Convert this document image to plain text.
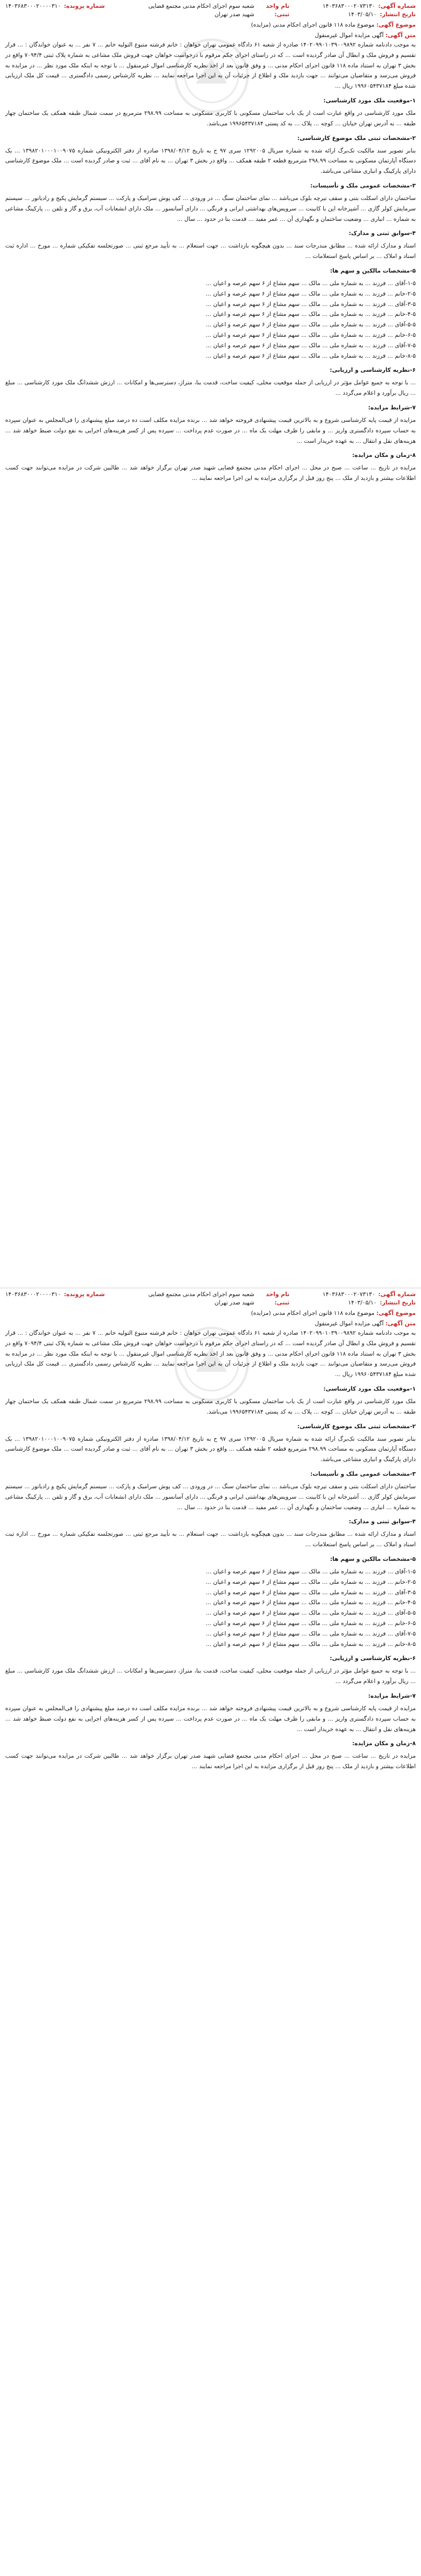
شماره آگهی:
۱۴۰۳۶۸۳۰۰۰۲۰۷۳۱۳۰
تاریخ انتشار:
۱۴۰۳/۰۵/۱۰
نام واحد ثبتی:
شعبه سوم اجرای احکام مدنی مجتمع قضایی شهید صدر تهران
شماره پرونده:
۱۴۰۳۶۸۳۰۰۰۲۰۰۰۰۳۱۰
موضوع آگهی: موضوع ماده ۱۱۸ قانون اجرای احکام مدنی (مزایده)
متن آگهی: آگهی مزایده اموال غیرمنقول

به موجب دادنامه شماره ۱۴۰۲۰۹۹۰۱۰۳۹۰۰۹۸۹۲ صادره از شعبه ۶۱ دادگاه عمومی تهران خواهان : خانم فرشته متبوع التولیه خانم ... ۷ نفر ... به عنوان خواندگان : ... قرار تقسیم و فروش ملک و ابطال آن صادر گردیده است ... که در راستای اجرای حکم مرقوم با درخواست خواهان جهت فروش ملک مشاعی به شماره پلاک ثبتی ۷۰۹۴/۴ واقع در بخش ۳ تهران به استناد ماده ۱۱۸ قانون اجرای احکام مدنی ... و وفق قانون بعد از اخذ نظریه کارشناسی اموال غیرمنقول ... با توجه به اینکه ملک مورد نظر ... در مزایده به فروش می‌رسد و متقاضیان می‌توانند ... جهت بازدید ملک و اطلاع از جزئیات آن به این اجرا مراجعه نمایند ... نظریه کارشناس رسمی دادگستری ... قیمت کل ملک ارزیابی شده مبلغ ۱۹۹۶۰۵۴۳۷۱۸۴ ریال ...

۱-موقعیت ملک مورد کارشناسی:

ملک مورد کارشناسی در واقع عبارت است از یک باب ساختمان مسکونی با کاربری مسکونی به مساحت ۲۹۸.۹۹ مترمربع در سمت شمال طبقه همکف یک ساختمان چهار طبقه ... به آدرس تهران خیابان ... کوچه ... پلاک ... به کد پستی ۱۹۹۶۵۴۳۷۱۸۴ می‌باشد.

۲-مشخصات ثبتی ملک موضوع کارشناسی:

بنابر تصویر سند مالکیت تک‌برگ ارائه شده به شماره سریال ۱۲۹۲۰۰۵ سری ۹۷ ح به تاریخ ۱۳۹۸/۰۴/۱۲ صادره از دفتر الکترونیکی شماره ۱۳۹۸۲۰۱۰۰۰۱۰۰۹۰۷۵ ... یک دستگاه آپارتمان مسکونی به مساحت ۲۹۸.۹۹ مترمربع قطعه ۲ طبقه همکف ... واقع در بخش ۳ تهران ... به نام آقای ... ثبت و صادر گردیده است ... ملک موضوع کارشناسی دارای پارکینگ و انباری مشاعی می‌باشد.

۳-مشخصات عمومی ملک و تأسیسات:

ساختمان دارای اسکلت بتنی و سقف تیرچه بلوک می‌باشد ... نمای ساختمان سنگ ... در ورودی ... کف پوش سرامیک و پارکت ... سیستم گرمایش پکیج و رادیاتور ... سیستم سرمایش کولر گازی ... آشپزخانه اپن با کابینت ... سرویس‌های بهداشتی ایرانی و فرنگی ... دارای آسانسور ... ملک دارای انشعابات آب، برق و گاز و تلفن ... پارکینگ مشاعی به شماره ... انباری ... وضعیت ساختمان و نگهداری آن ... عمر مفید ... قدمت بنا در حدود ... سال ...

۴-سوابق ثبتی و مدارک:

اسناد و مدارک ارائه شده ... مطابق مندرجات سند ... بدون هیچگونه بازداشت ... جهت استعلام ... به تأیید مرجع ثبتی ... صورتجلسه تفکیکی شماره ... مورخ ... اداره ثبت اسناد و املاک ... بر اساس پاسخ استعلامات ...

۵-مشخصات مالکین و سهم ها:

۱-۵-آقای ... فرزند ... به شماره ملی ... مالک ... سهم مشاع از ۶ سهم عرصه و اعیان ...

۲-۵-خانم ... فرزند ... به شماره ملی ... مالک ... سهم مشاع از ۶ سهم عرصه و اعیان ...

۳-۵-آقای ... فرزند ... به شماره ملی ... مالک ... سهم مشاع از ۶ سهم عرصه و اعیان ...

۴-۵-خانم ... فرزند ... به شماره ملی ... مالک ... سهم مشاع از ۶ سهم عرصه و اعیان ...

۵-۵-آقای ... فرزند ... به شماره ملی ... مالک ... سهم مشاع از ۶ سهم عرصه و اعیان ...

۶-۵-خانم ... فرزند ... به شماره ملی ... مالک ... سهم مشاع از ۶ سهم عرصه و اعیان ...

۷-۵-آقای ... فرزند ... به شماره ملی ... مالک ... سهم مشاع از ۶ سهم عرصه و اعیان ...

۸-۵-خانم ... فرزند ... به شماره ملی ... مالک ... سهم مشاع از ۶ سهم عرصه و اعیان ...

۶-نظریه کارشناسی و ارزیابی:

... با توجه به جمیع عوامل مؤثر در ارزیابی از جمله موقعیت محلی، کیفیت ساخت، قدمت بنا، متراژ، دسترسی‌ها و امکانات ... ارزش ششدانگ ملک مورد کارشناسی ... مبلغ ... ریال برآورد و اعلام می‌گردد ...

۷-شرایط مزایده:

مزایده از قیمت پایه کارشناسی شروع و به بالاترین قیمت پیشنهادی فروخته خواهد شد ... برنده مزایده مکلف است ده درصد مبلغ پیشنهادی را فی‌المجلس به عنوان سپرده به حساب سپرده دادگستری واریز ... و مابقی را ظرف مهلت یک ماه ... در صورت عدم پرداخت ... سپرده پس از کسر هزینه‌های اجرایی به نفع دولت ضبط خواهد شد ... هزینه‌های نقل و انتقال ... به عهده خریدار است ...

۸-زمان و مکان مزایده:

مزایده در تاریخ ... ساعت ... صبح در محل ... اجرای احکام مدنی مجتمع قضایی شهید صدر تهران برگزار خواهد شد ... طالبین شرکت در مزایده می‌توانند جهت کسب اطلاعات بیشتر و بازدید از ملک ... پنج روز قبل از برگزاری مزایده به این اجرا مراجعه نمایند ...

شماره آگهی:
۱۴۰۳۶۸۳۰۰۰۲۰۷۳۱۳۰
تاریخ انتشار:
۱۴۰۳/۰۵/۱۰
نام واحد ثبتی:
شعبه سوم اجرای احکام مدنی مجتمع قضایی شهید صدر تهران
شماره پرونده:
۱۴۰۳۶۸۳۰۰۰۲۰۰۰۰۳۱۰
موضوع آگهی: موضوع ماده ۱۱۸ قانون اجرای احکام مدنی (مزایده)
متن آگهی: آگهی مزایده اموال غیرمنقول

به موجب دادنامه شماره ۱۴۰۲۰۹۹۰۱۰۳۹۰۰۹۸۹۲ صادره از شعبه ۶۱ دادگاه عمومی تهران خواهان : خانم فرشته متبوع التولیه خانم ... ۷ نفر ... به عنوان خواندگان : ... قرار تقسیم و فروش ملک و ابطال آن صادر گردیده است ... که در راستای اجرای حکم مرقوم با درخواست خواهان جهت فروش ملک مشاعی به شماره پلاک ثبتی ۷۰۹۴/۴ واقع در بخش ۳ تهران به استناد ماده ۱۱۸ قانون اجرای احکام مدنی ... و وفق قانون بعد از اخذ نظریه کارشناسی اموال غیرمنقول ... با توجه به اینکه ملک مورد نظر ... در مزایده به فروش می‌رسد و متقاضیان می‌توانند ... جهت بازدید ملک و اطلاع از جزئیات آن به این اجرا مراجعه نمایند ... نظریه کارشناس رسمی دادگستری ... قیمت کل ملک ارزیابی شده مبلغ ۱۹۹۶۰۵۴۳۷۱۸۴ ریال ...

۱-موقعیت ملک مورد کارشناسی:

ملک مورد کارشناسی در واقع عبارت است از یک باب ساختمان مسکونی با کاربری مسکونی به مساحت ۲۹۸.۹۹ مترمربع در سمت شمال طبقه همکف یک ساختمان چهار طبقه ... به آدرس تهران خیابان ... کوچه ... پلاک ... به کد پستی ۱۹۹۶۵۴۳۷۱۸۴ می‌باشد.

۲-مشخصات ثبتی ملک موضوع کارشناسی:

بنابر تصویر سند مالکیت تک‌برگ ارائه شده به شماره سریال ۱۲۹۲۰۰۵ سری ۹۷ ح به تاریخ ۱۳۹۸/۰۴/۱۲ صادره از دفتر الکترونیکی شماره ۱۳۹۸۲۰۱۰۰۰۱۰۰۹۰۷۵ ... یک دستگاه آپارتمان مسکونی به مساحت ۲۹۸.۹۹ مترمربع قطعه ۲ طبقه همکف ... واقع در بخش ۳ تهران ... به نام آقای ... ثبت و صادر گردیده است ... ملک موضوع کارشناسی دارای پارکینگ و انباری مشاعی می‌باشد.

۳-مشخصات عمومی ملک و تأسیسات:

ساختمان دارای اسکلت بتنی و سقف تیرچه بلوک می‌باشد ... نمای ساختمان سنگ ... در ورودی ... کف پوش سرامیک و پارکت ... سیستم گرمایش پکیج و رادیاتور ... سیستم سرمایش کولر گازی ... آشپزخانه اپن با کابینت ... سرویس‌های بهداشتی ایرانی و فرنگی ... دارای آسانسور ... ملک دارای انشعابات آب، برق و گاز و تلفن ... پارکینگ مشاعی به شماره ... انباری ... وضعیت ساختمان و نگهداری آن ... عمر مفید ... قدمت بنا در حدود ... سال ...

۴-سوابق ثبتی و مدارک:

اسناد و مدارک ارائه شده ... مطابق مندرجات سند ... بدون هیچگونه بازداشت ... جهت استعلام ... به تأیید مرجع ثبتی ... صورتجلسه تفکیکی شماره ... مورخ ... اداره ثبت اسناد و املاک ... بر اساس پاسخ استعلامات ...

۵-مشخصات مالکین و سهم ها:

۱-۵-آقای ... فرزند ... به شماره ملی ... مالک ... سهم مشاع از ۶ سهم عرصه و اعیان ...

۲-۵-خانم ... فرزند ... به شماره ملی ... مالک ... سهم مشاع از ۶ سهم عرصه و اعیان ...

۳-۵-آقای ... فرزند ... به شماره ملی ... مالک ... سهم مشاع از ۶ سهم عرصه و اعیان ...

۴-۵-خانم ... فرزند ... به شماره ملی ... مالک ... سهم مشاع از ۶ سهم عرصه و اعیان ...

۵-۵-آقای ... فرزند ... به شماره ملی ... مالک ... سهم مشاع از ۶ سهم عرصه و اعیان ...

۶-۵-خانم ... فرزند ... به شماره ملی ... مالک ... سهم مشاع از ۶ سهم عرصه و اعیان ...

۷-۵-آقای ... فرزند ... به شماره ملی ... مالک ... سهم مشاع از ۶ سهم عرصه و اعیان ...

۸-۵-خانم ... فرزند ... به شماره ملی ... مالک ... سهم مشاع از ۶ سهم عرصه و اعیان ...

۶-نظریه کارشناسی و ارزیابی:

... با توجه به جمیع عوامل مؤثر در ارزیابی از جمله موقعیت محلی، کیفیت ساخت، قدمت بنا، متراژ، دسترسی‌ها و امکانات ... ارزش ششدانگ ملک مورد کارشناسی ... مبلغ ... ریال برآورد و اعلام می‌گردد ...

۷-شرایط مزایده:

مزایده از قیمت پایه کارشناسی شروع و به بالاترین قیمت پیشنهادی فروخته خواهد شد ... برنده مزایده مکلف است ده درصد مبلغ پیشنهادی را فی‌المجلس به عنوان سپرده به حساب سپرده دادگستری واریز ... و مابقی را ظرف مهلت یک ماه ... در صورت عدم پرداخت ... سپرده پس از کسر هزینه‌های اجرایی به نفع دولت ضبط خواهد شد ... هزینه‌های نقل و انتقال ... به عهده خریدار است ...

۸-زمان و مکان مزایده:

مزایده در تاریخ ... ساعت ... صبح در محل ... اجرای احکام مدنی مجتمع قضایی شهید صدر تهران برگزار خواهد شد ... طالبین شرکت در مزایده می‌توانند جهت کسب اطلاعات بیشتر و بازدید از ملک ... پنج روز قبل از برگزاری مزایده به این اجرا مراجعه نمایند ...
